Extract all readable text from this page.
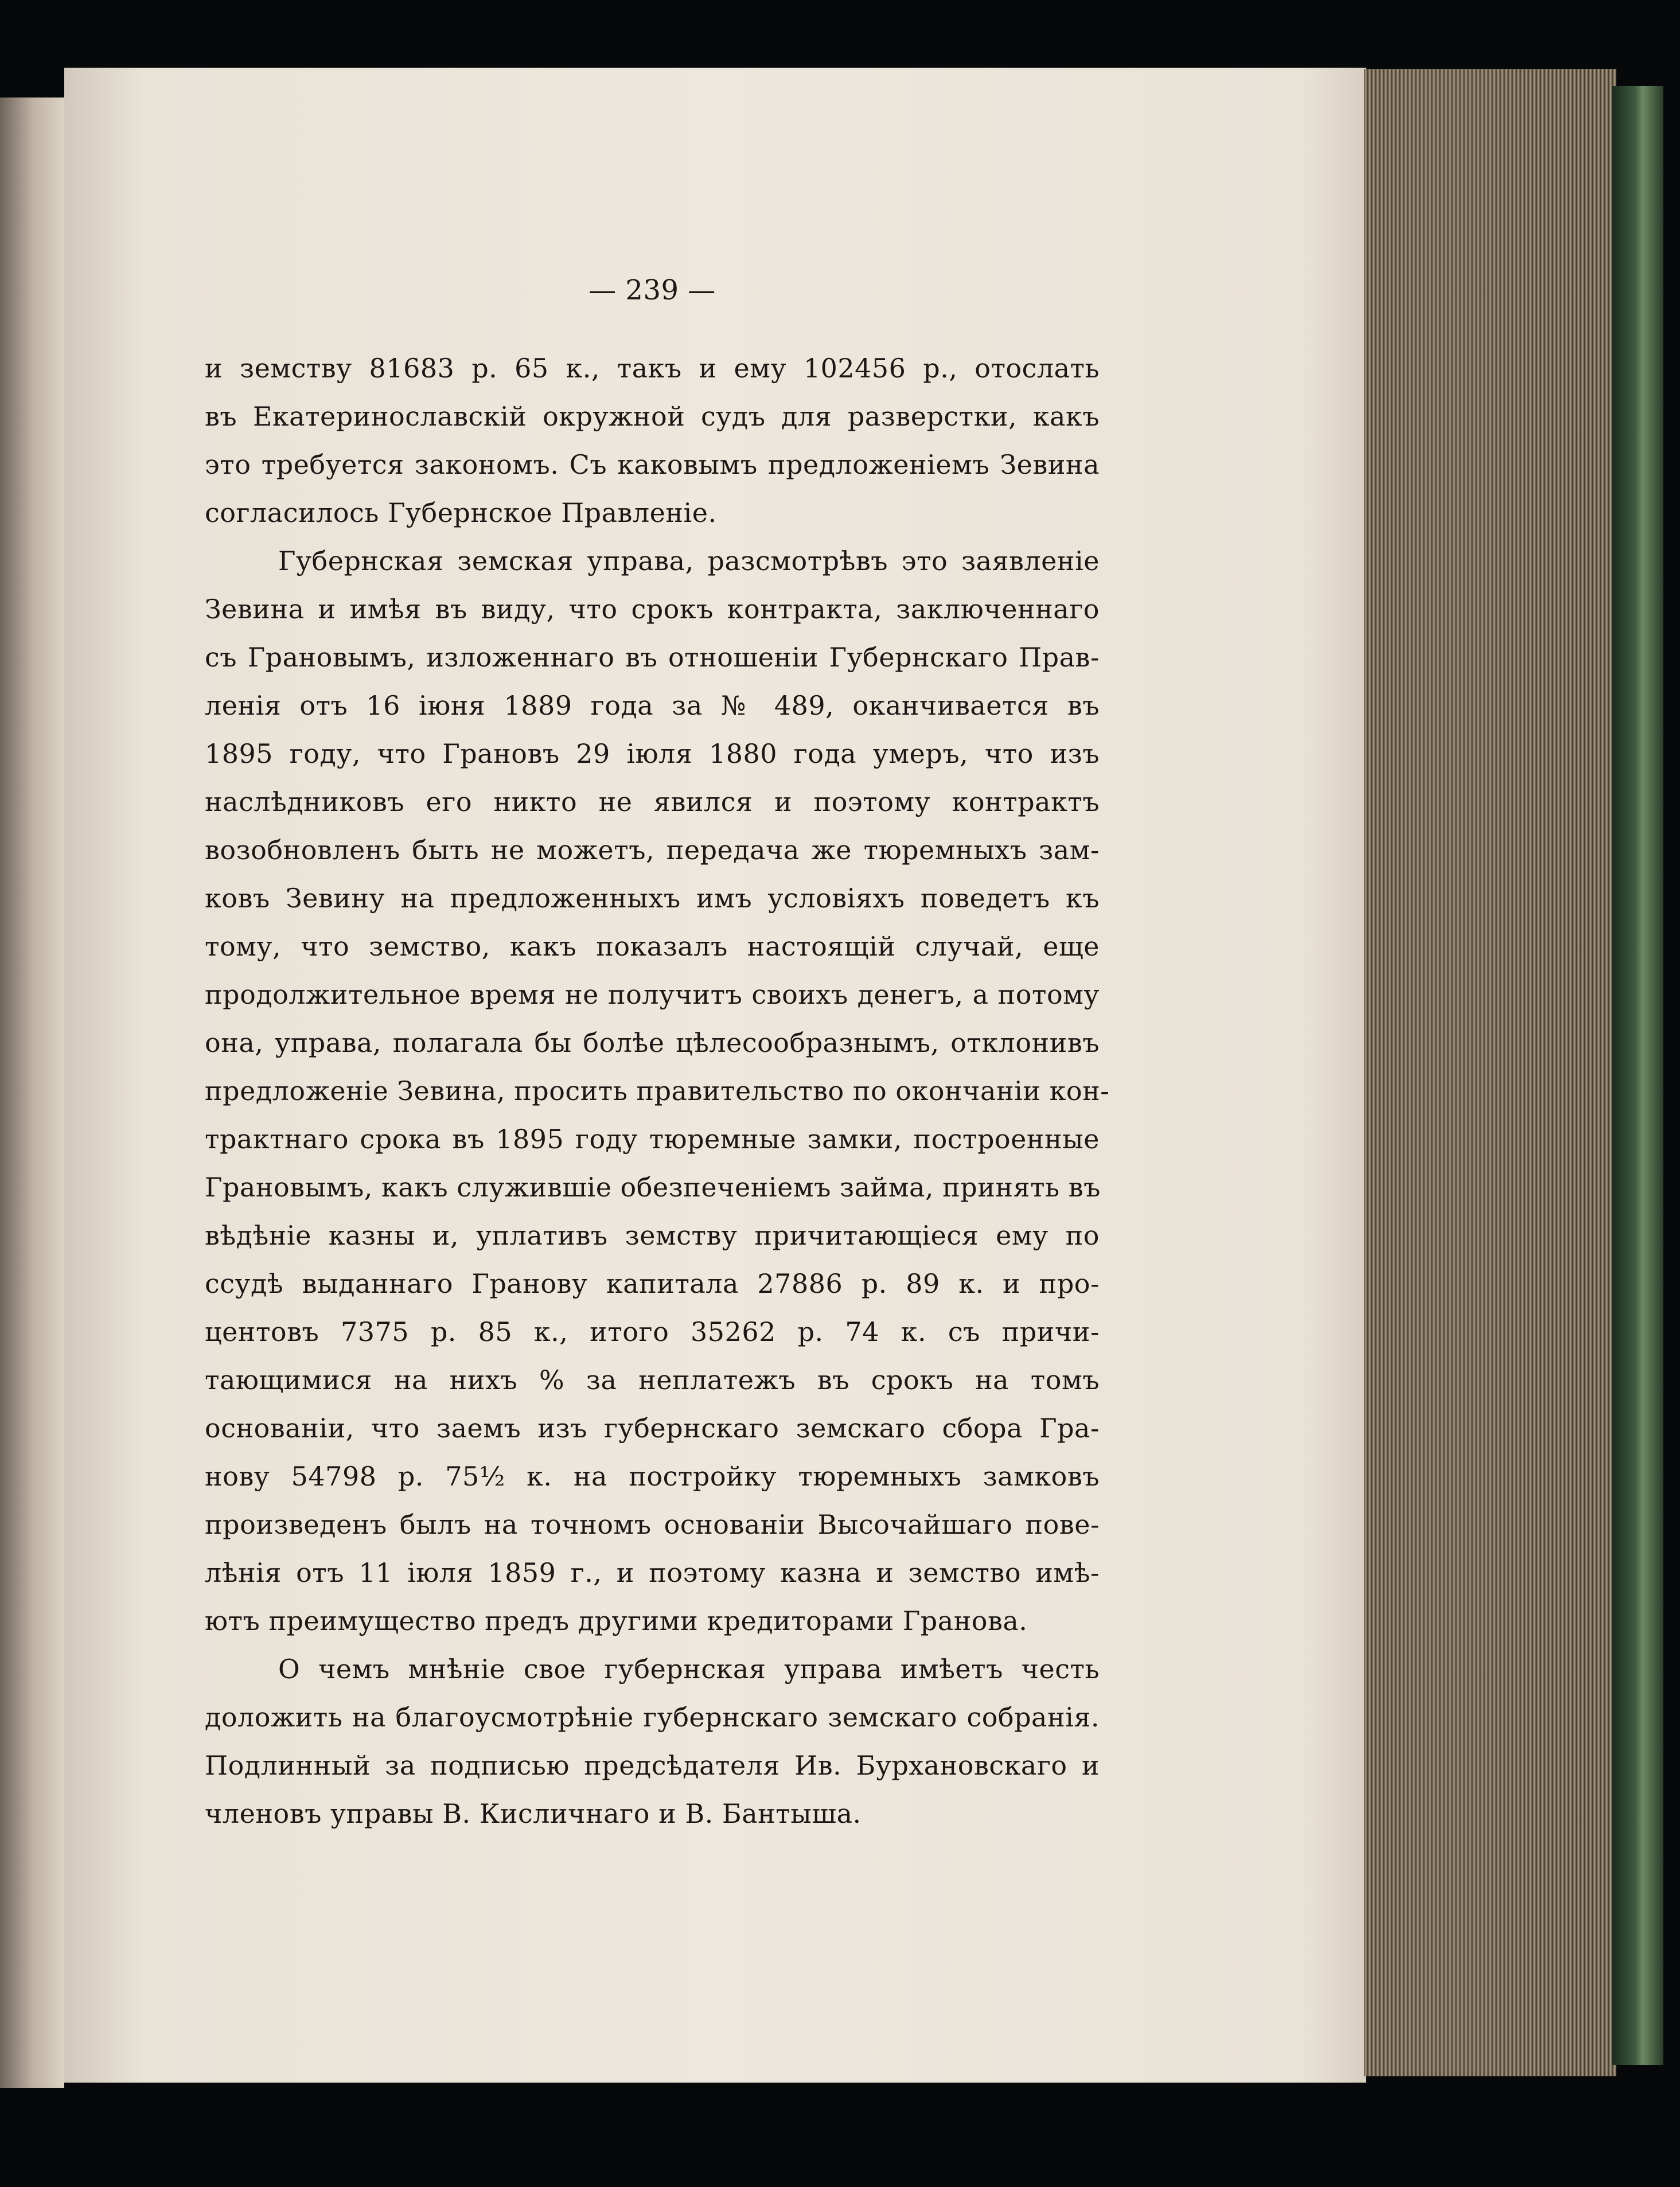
— 239 —
и земству 81683 р. 65 к., такъ и ему 102456 р., отослать
въ Екатеринославскій окружной судъ для разверстки, какъ
это требуется закономъ. Съ каковымъ предложеніемъ Зевина
согласилось Губернское Правленіе.
Губернская земская управа, разсмотрѣвъ это заявленіе
Зевина и имѣя въ виду, что срокъ контракта, заключеннаго
съ Грановымъ, изложеннаго въ отношеніи Губернскаго Прав-
ленія отъ 16 іюня 1889 года за № 489, оканчивается въ
1895 году, что Грановъ 29 іюля 1880 года умеръ, что изъ
наслѣдниковъ его никто не явился и поэтому контрактъ
возобновленъ быть не можетъ, передача же тюремныхъ зам-
ковъ Зевину на предложенныхъ имъ условіяхъ поведетъ къ
тому, что земство, какъ показалъ настоящій случай, еще
продолжительное время не получитъ своихъ денегъ, а потому
она, управа, полагала бы болѣе цѣлесообразнымъ, отклонивъ
предложеніе Зевина, просить правительство по окончаніи кон-
трактнаго срока въ 1895 году тюремные замки, построенные
Грановымъ, какъ служившіе обезпеченіемъ займа, принять въ
вѣдѣніе казны и, уплативъ земству причитающіеся ему по
ссудѣ выданнаго Гранову капитала 27886 р. 89 к. и про-
центовъ 7375 р. 85 к., итого 35262 р. 74 к. съ причи-
тающимися на нихъ % за неплатежъ въ срокъ на томъ
основаніи, что заемъ изъ губернскаго земскаго сбора Гра-
нову 54798 р. 75½ к. на постройку тюремныхъ замковъ
произведенъ былъ на точномъ основаніи Высочайшаго пове-
лѣнія отъ 11 іюля 1859 г., и поэтому казна и земство имѣ-
ютъ преимущество предъ другими кредиторами Гранова.
О чемъ мнѣніе свое губернская управа имѣетъ честь
доложить на благоусмотрѣніе губернскаго земскаго собранія.
Подлинный за подписью предсѣдателя Ив. Бурхановскаго и
членовъ управы В. Кисличнаго и В. Бантыша.
